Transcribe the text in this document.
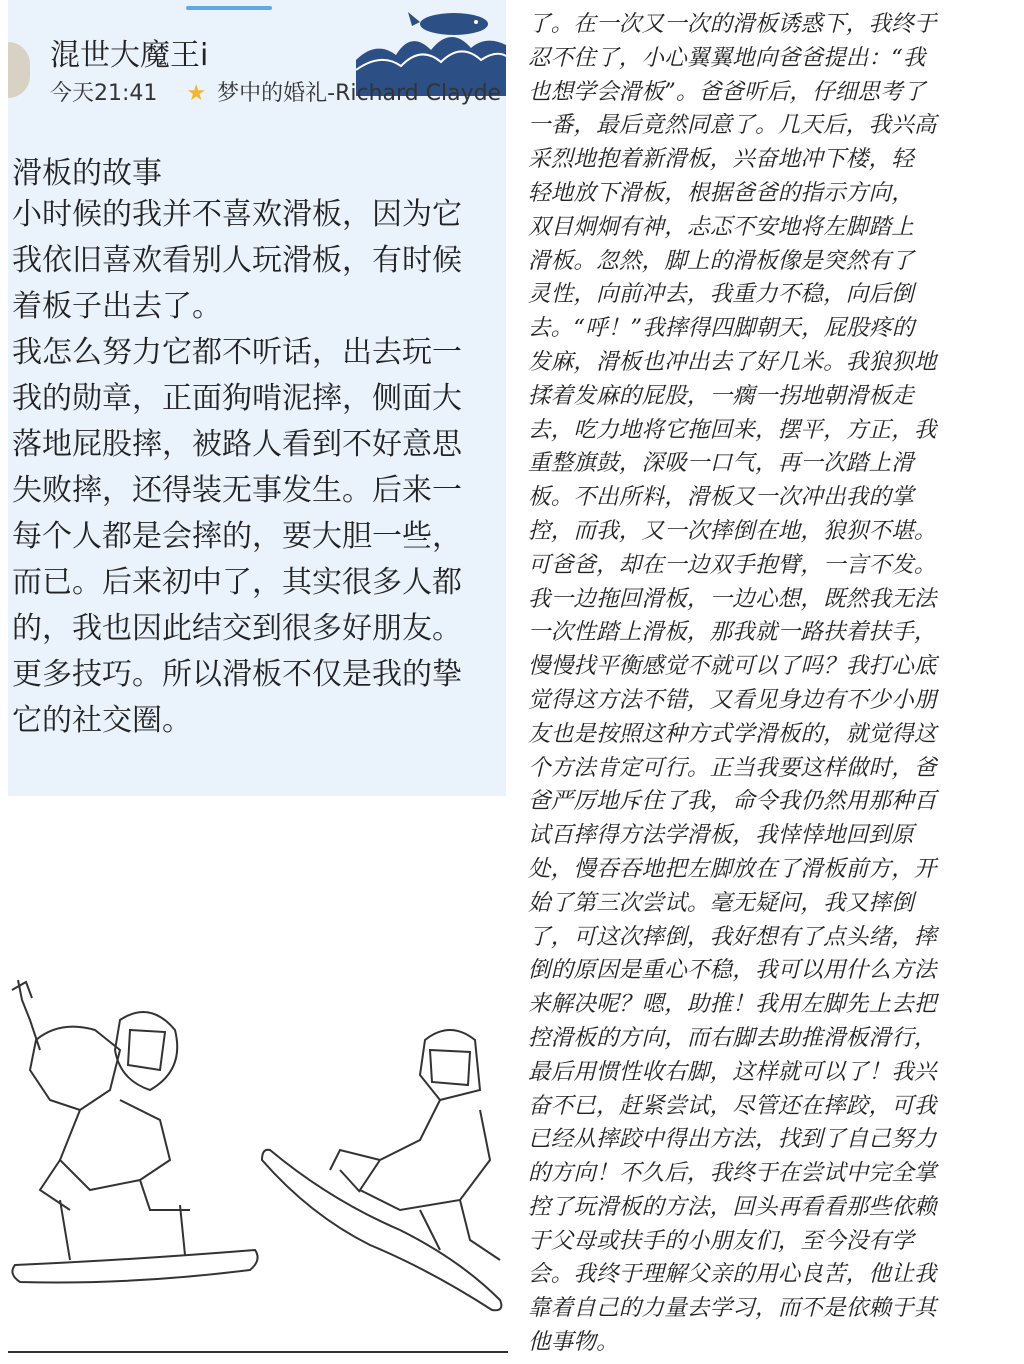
混世大魔王i
今天21:41 ★ 梦中的婚礼-Richard Clayde
滑板的故事
小时候的我并不喜欢滑板，因为它
我依旧喜欢看别人玩滑板，有时候
着板子出去了。
我怎么努力它都不听话，出去玩一
我的勋章，正面狗啃泥摔，侧面大
落地屁股摔，被路人看到不好意思
失败摔，还得装无事发生。后来一
每个人都是会摔的，要大胆一些，
而已。后来初中了，其实很多人都
的，我也因此结交到很多好朋友。
更多技巧。所以滑板不仅是我的挚
它的社交圈。
了。在一次又一次的滑板诱惑下，我终于
忍不住了，小心翼翼地向爸爸提出：“我
也想学会滑板”。爸爸听后，仔细思考了
一番，最后竟然同意了。几天后，我兴高
采烈地抱着新滑板，兴奋地冲下楼，轻
轻地放下滑板，根据爸爸的指示方向，
双目炯炯有神，忐忑不安地将左脚踏上
滑板。忽然，脚上的滑板像是突然有了
灵性，向前冲去，我重力不稳，向后倒
去。“呼！”我摔得四脚朝天，屁股疼的
发麻，滑板也冲出去了好几米。我狼狈地
揉着发麻的屁股，一瘸一拐地朝滑板走
去，吃力地将它拖回来，摆平，方正，我
重整旗鼓，深吸一口气，再一次踏上滑
板。不出所料，滑板又一次冲出我的掌
控，而我，又一次摔倒在地，狼狈不堪。
可爸爸，却在一边双手抱臂，一言不发。
我一边拖回滑板，一边心想，既然我无法
一次性踏上滑板，那我就一路扶着扶手，
慢慢找平衡感觉不就可以了吗？我打心底
觉得这方法不错，又看见身边有不少小朋
友也是按照这种方式学滑板的，就觉得这
个方法肯定可行。正当我要这样做时，爸
爸严厉地斥住了我，命令我仍然用那种百
试百摔得方法学滑板，我悻悻地回到原
处，慢吞吞地把左脚放在了滑板前方，开
始了第三次尝试。毫无疑问，我又摔倒
了，可这次摔倒，我好想有了点头绪，摔
倒的原因是重心不稳，我可以用什么方法
来解决呢？嗯，助推！我用左脚先上去把
控滑板的方向，而右脚去助推滑板滑行，
最后用惯性收右脚，这样就可以了！我兴
奋不已，赶紧尝试，尽管还在摔跤，可我
已经从摔跤中得出方法，找到了自己努力
的方向！不久后，我终于在尝试中完全掌
控了玩滑板的方法，回头再看看那些依赖
于父母或扶手的小朋友们，至今没有学
会。我终于理解父亲的用心良苦，他让我
靠着自己的力量去学习，而不是依赖于其
他事物。
